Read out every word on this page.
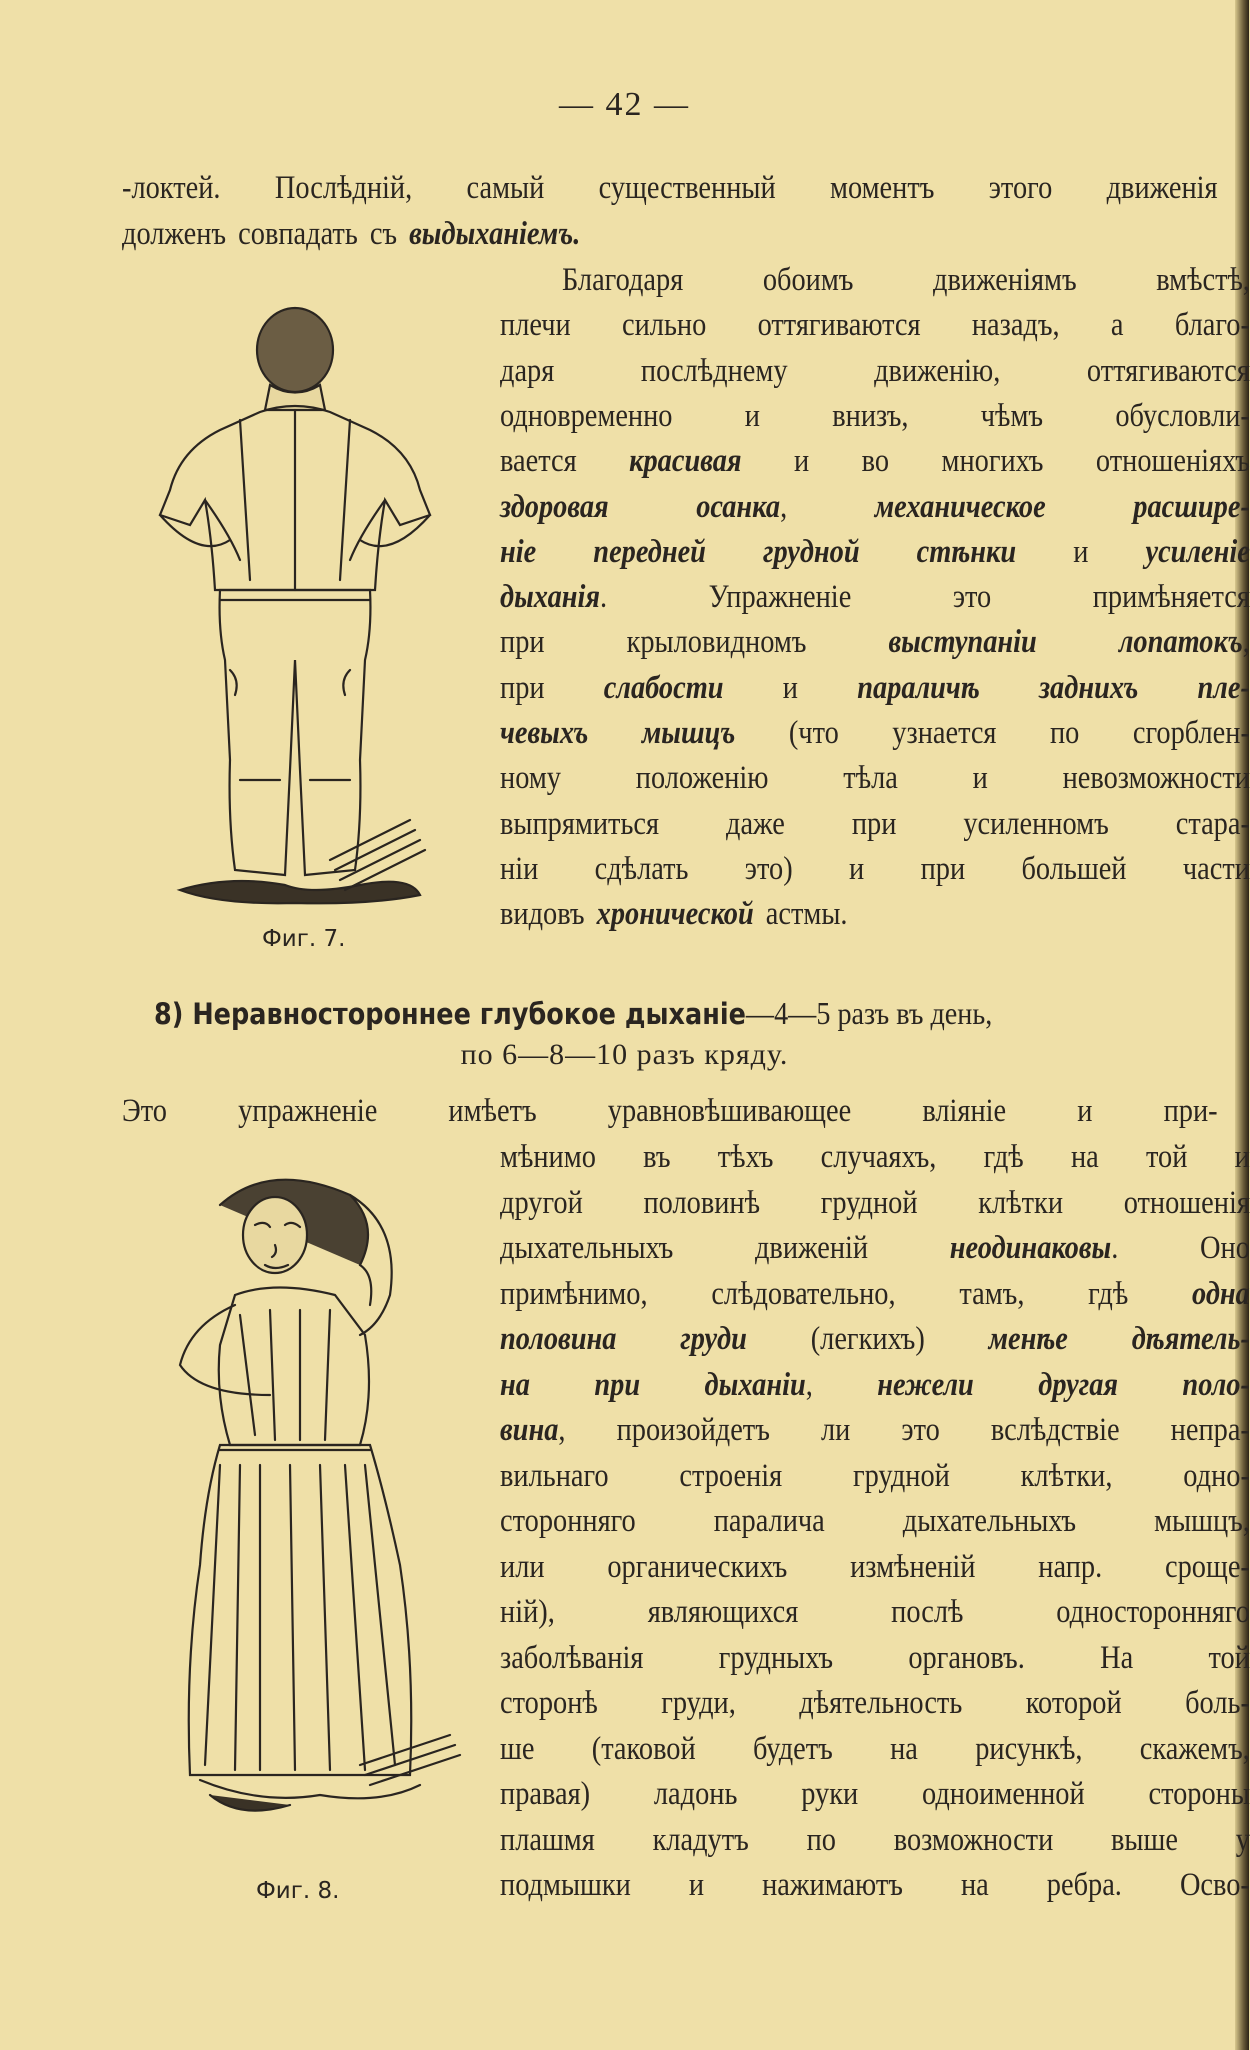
— 42 —
-локтей. Послѣдній, самый существенный моментъ этого движенія
долженъ совпадать съ выдыханіемъ.
Благодаря обоимъ движеніямъ вмѣстѣ,
плечи сильно оттягиваются назадъ, а благо-
даря	послѣднему	движенію,	оттягиваются
одновременно и внизъ, чѣмъ обусловли-
вается красивая и во многихъ отношеніяхъ
здоровая	осанка,	механическое	расшире-
ніе передней грудной стѣнки и усиленіе
дыханія.	Упражненіе	это	примѣняется
при крыловидномъ выступаніи лопатокъ,
при слабости и параличѣ заднихъ пле-
чевыхъ мышцъ (что узнается по сгорблен-
ному положенію тѣла и невозможности
выпрямиться даже при усиленномъ стара-
ніи сдѣлать это) и при большей части
видовъ хронической астмы.
Фиг. 7.
8) Неравностороннее глубокое дыханіе—4—5 разъ въ день,
по 6—8—10 разъ кряду.
Это упражненіе имѣетъ уравновѣшивающее вліяніе и при-
мѣнимо въ тѣхъ случаяхъ, гдѣ на той и
другой половинѣ грудной клѣтки отношенія
дыхательныхъ движеній неодинаковы. Оно
примѣнимо, слѣдовательно, тамъ, гдѣ одна
половина груди (легкихъ) менѣе дѣятель-
на при дыханіи, нежели другая поло-
вина, произойдетъ ли это вслѣдствіе непра-
вильнаго строенія грудной клѣтки, одно-
сторонняго паралича дыхательныхъ мышцъ,
или органическихъ измѣненій напр. сроще-
ній),	являющихся	послѣ	односторонняго
заболѣванія грудныхъ органовъ. На той
сторонѣ груди, дѣятельность которой боль-
ше (таковой будетъ на рисункѣ, скажемъ,
правая) ладонь руки одноименной стороны
плашмя кладутъ по возможности выше у
подмышки и нажимаютъ на ребра. Осво-
Фиг. 8.
